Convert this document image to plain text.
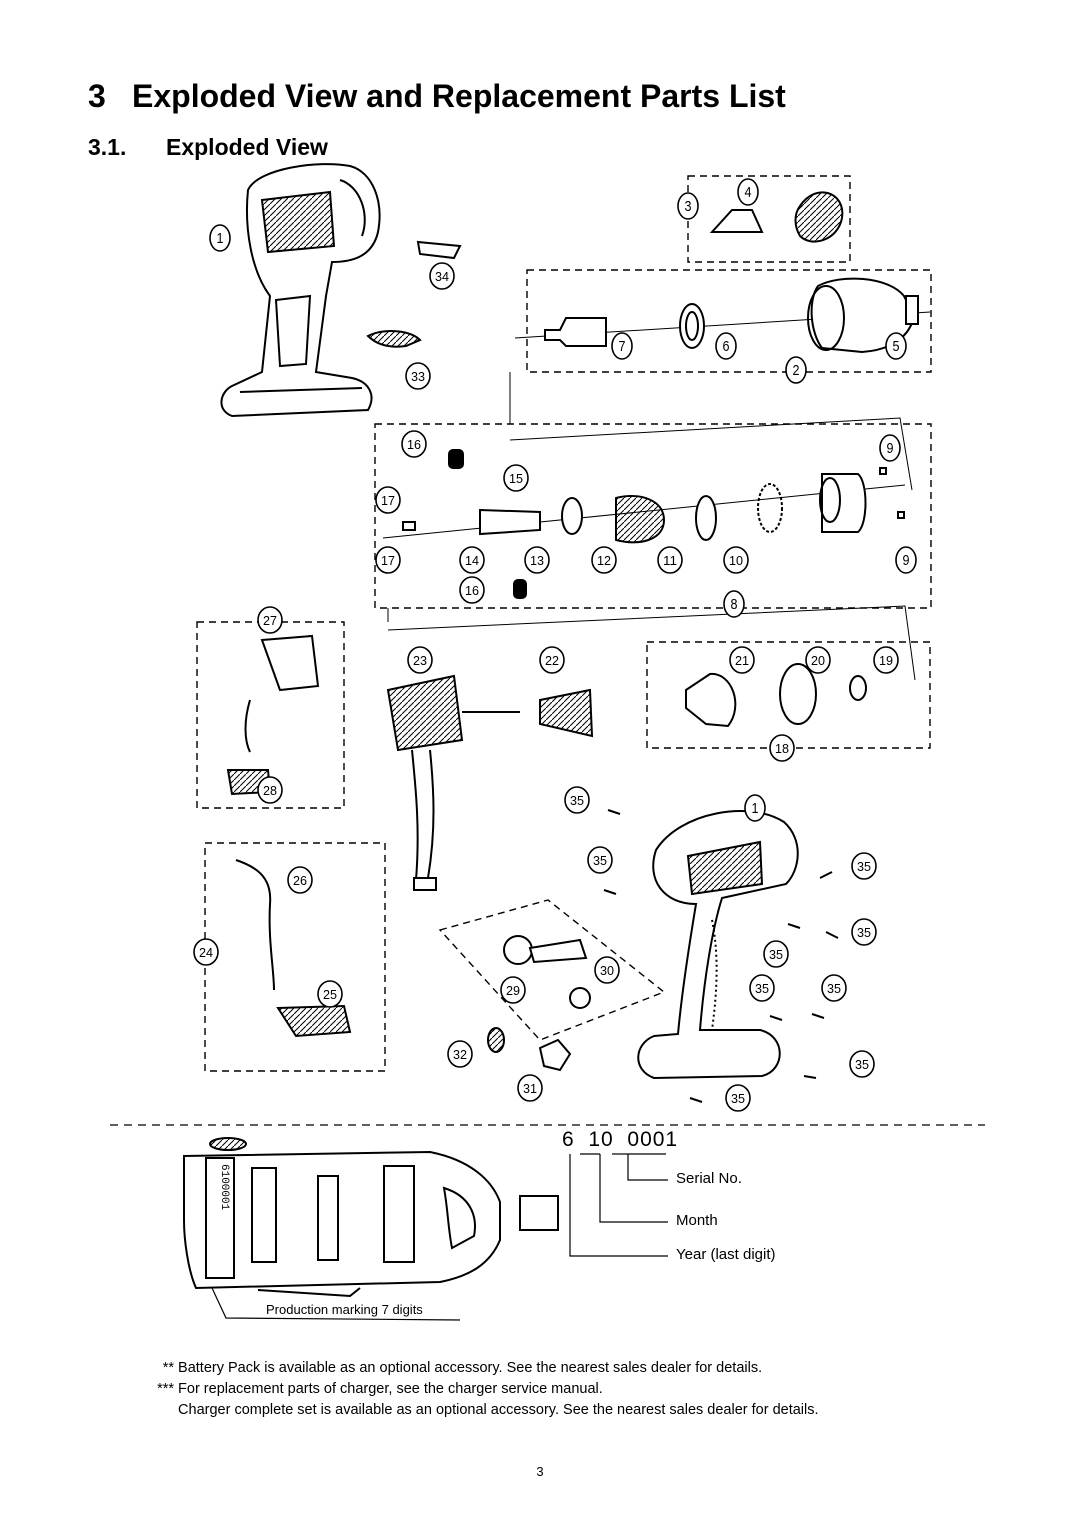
3 Exploded View and Replacement Parts List
3.1. Exploded View
1
34
33
3
4
7	6
2
5
16
15
17
9
14	13	12	11	10
17	9
16
8
27
23	22	21	20	19
18
28
35	1
26
35	35
24
35
35
30
35
29
25	35
32
31
35
35
6100001
6 10 0001
Serial No.
Month
Year (last digit)
Production marking 7 digits
** Battery Pack is available as an optional accessory. See the nearest sales dealer for details.
*** For replacement parts of charger, see the charger service manual.
Charger complete set is available as an optional accessory. See the nearest sales dealer for details.
3
